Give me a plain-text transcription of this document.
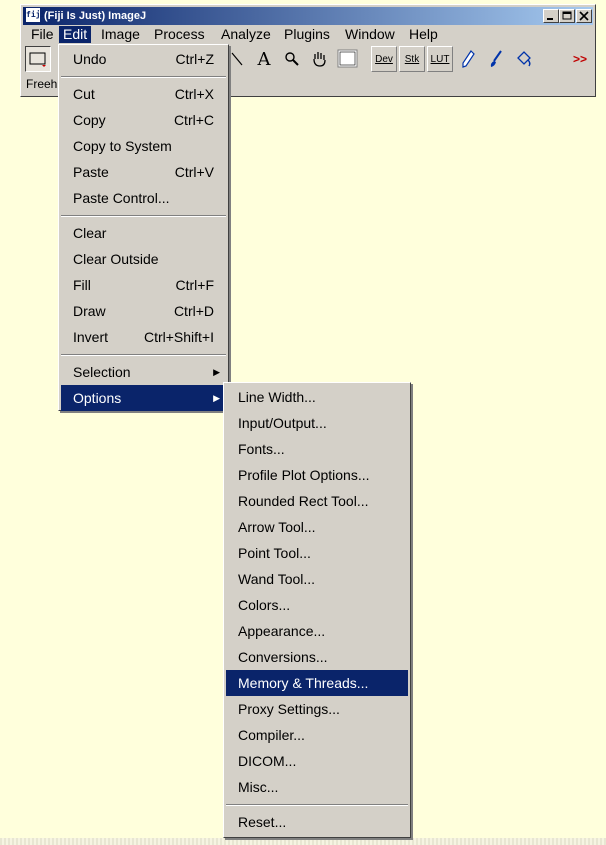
fiji
(Fiji Is Just) ImageJ
File Edit Image Process Analyze Plugins Window Help
A	Dev Stk LUT	>>
Freeh
Undo	Ctrl+Z
Cut	Ctrl+X
Copy	Ctrl+C
Copy to System
Paste	Ctrl+V
Paste Control...
Clear
Clear Outside
Fill	Ctrl+F
Draw	Ctrl+D
Invert	Ctrl+Shift+I
Selection	▶
Options	▶	Line Width...
Input/Output...
Fonts...
Profile Plot Options...
Rounded Rect Tool...
Arrow Tool...
Point Tool...
Wand Tool...
Colors...
Appearance...
Conversions...
Memory & Threads...
Proxy Settings...
Compiler...
DICOM...
Misc...
Reset...
